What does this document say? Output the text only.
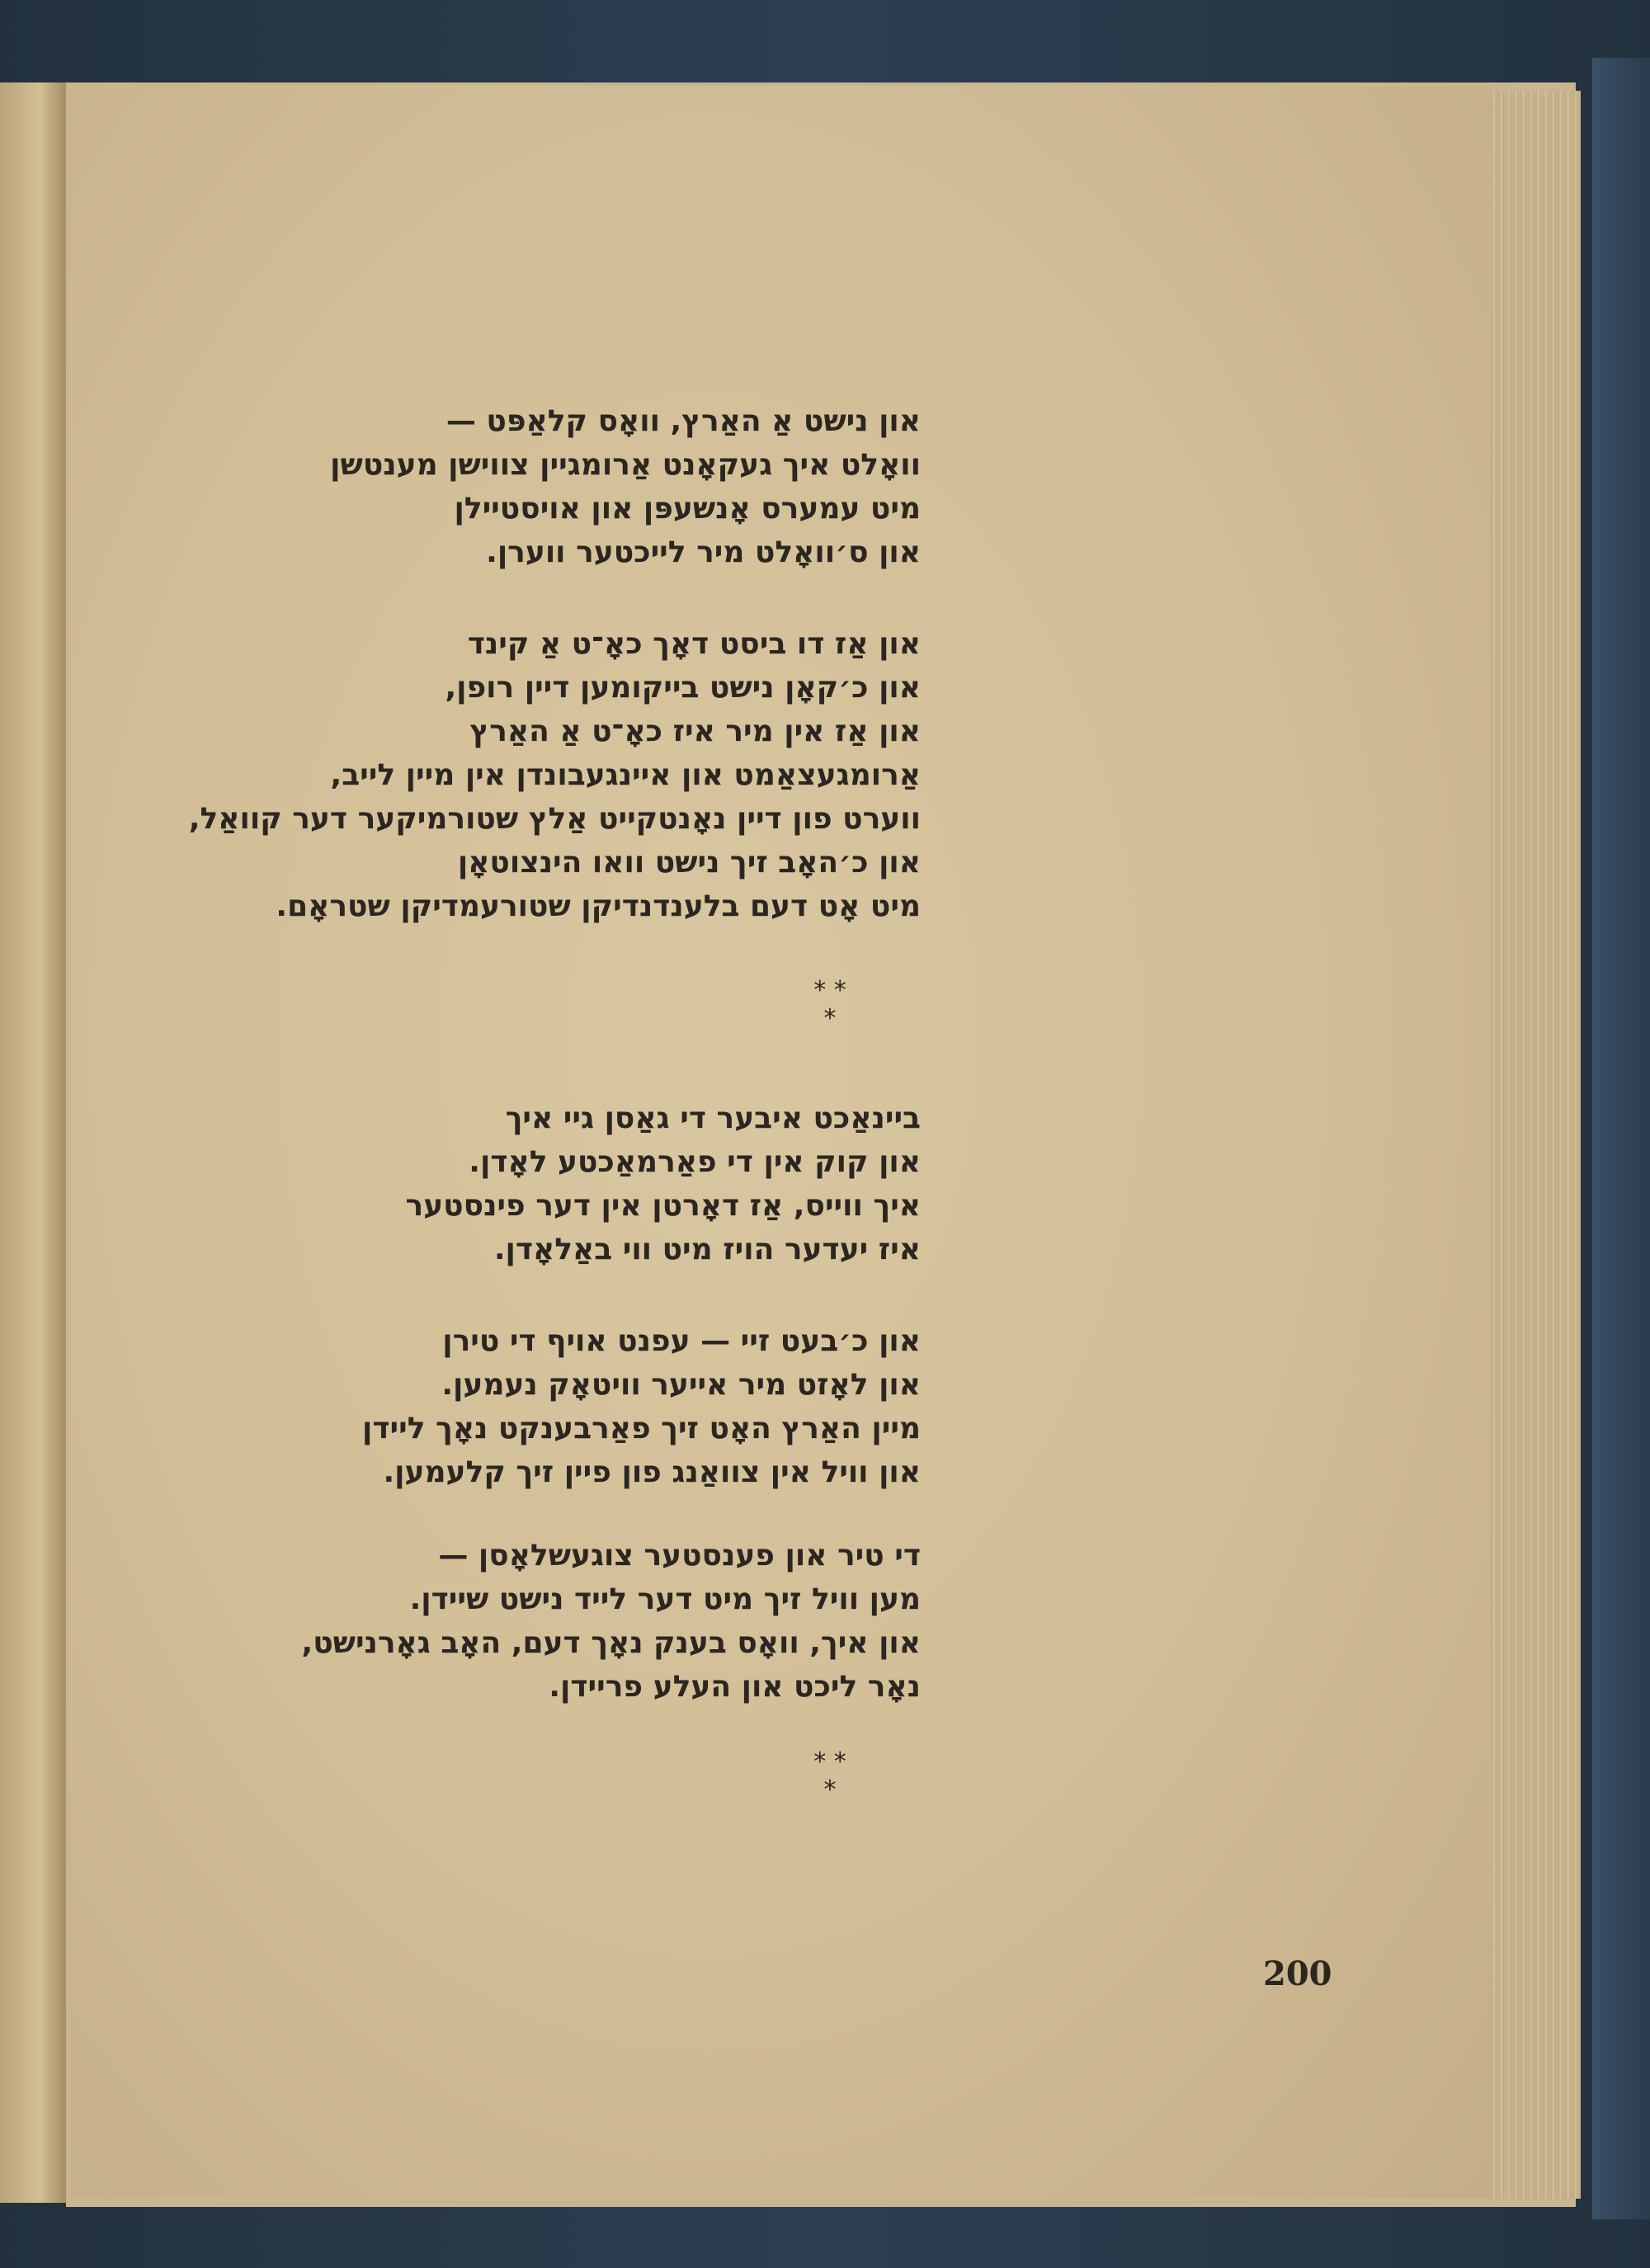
און נישט אַ האַרץ, וואָס קלאַפּט —
וואָלט איך געקאָנט אַרומגיין צווישן מענטשן
מיט עמערס אָנשעפּן און אויסטיילן
און ס׳וואָלט מיר לייכטער ווערן.
און אַז דו ביסט דאָך כאָ־ט אַ קינד
און כ׳קאָן נישט בייקומען דיין רופן,
און אַז אין מיר איז כאָ־ט אַ האַרץ
אַרומגעצאַמט און איינגעבונדן אין מיין לייב,
ווערט פון דיין נאָנטקייט אַלץ שטורמיקער דער קוואַל,
און כ׳האָב זיך נישט וואו הינצוטאָן
מיט אָט דעם בלענדנדיקן שטורעמדיקן שטראָם.
* *
*
ביינאַכט איבער די גאַסן גיי איך
און קוק אין די פאַרמאַכטע לאָדן.
איך ווייס, אַז דאָרטן אין דער פינסטער
איז יעדער הויז מיט ווי באַלאָדן.
און כ׳בעט זיי — עפנט אויף די טירן
און לאָזט מיר אייער וויטאָק נעמען.
מיין האַרץ האָט זיך פאַרבענקט נאָך ליידן
און וויל אין צוואַנג פון פיין זיך קלעמען.
די טיר און פענסטער צוגעשלאָסן —
מען וויל זיך מיט דער לייד נישט שיידן.
און איך, וואָס בענק נאָך דעם, האָב גאָרנישט,
נאָר ליכט און העלע פריידן.
* *
*
200
